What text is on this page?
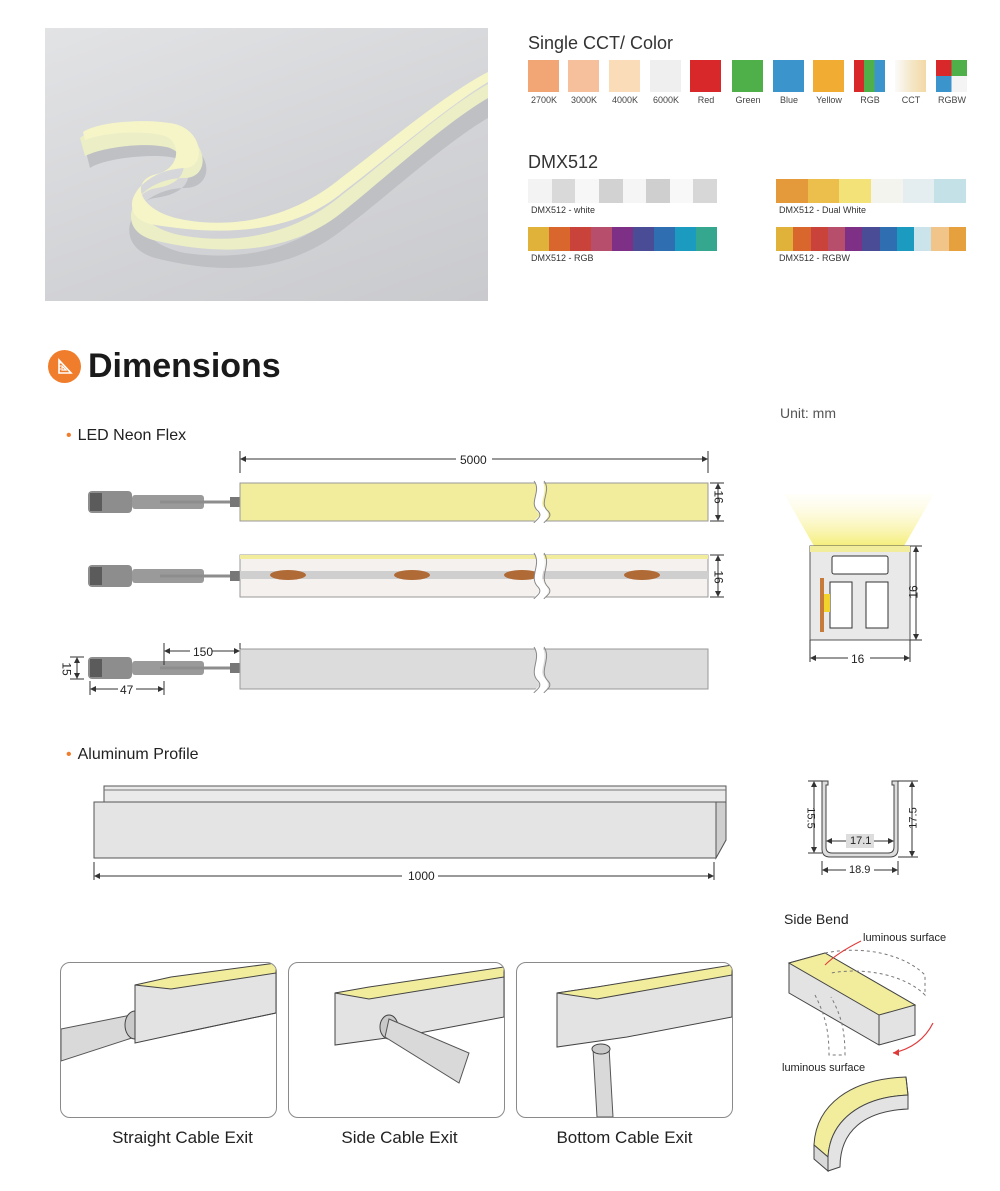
Single CCT/ Color
2700K	3000K	4000K	6000K	Red	Green	Blue	Yellow	RGB	CCT	RGBW
DMX512
DMX512 - white	DMX512 - Dual White
DMX512 - RGB	DMX512 - RGBW
Dimensions
Unit: mm
• LED Neon Flex
5000
16
16
150
47
15
16
16
• Aluminum Profile
1000
17.1
18.9
15.5	17.5
Straight Cable Exit	Side Cable Exit	Bottom Cable Exit
Side Bend
luminous surface
luminous surface
